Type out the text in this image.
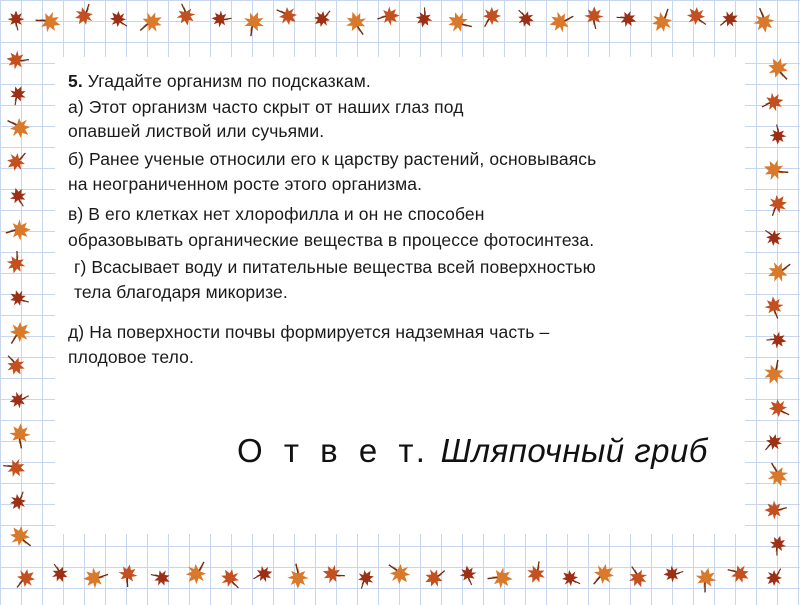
5. Угадайте организм по подсказкам.

а) Этот организм часто скрыт от наших глаз под

опавшей листвой или сучьями.

б) Ранее ученые относили его к царству растений, основываясь

на неограниченном росте этого организма.

в) В его клетках нет хлорофилла и он не способен

образовывать органические вещества в процессе фотосинтеза.

г) Всасывает воду и питательные вещества всей поверхностью

тела благодаря микоризе.

д) На поверхности почвы формируется надземная часть –

плодовое тело.

О т в е т. Шляпочный гриб
